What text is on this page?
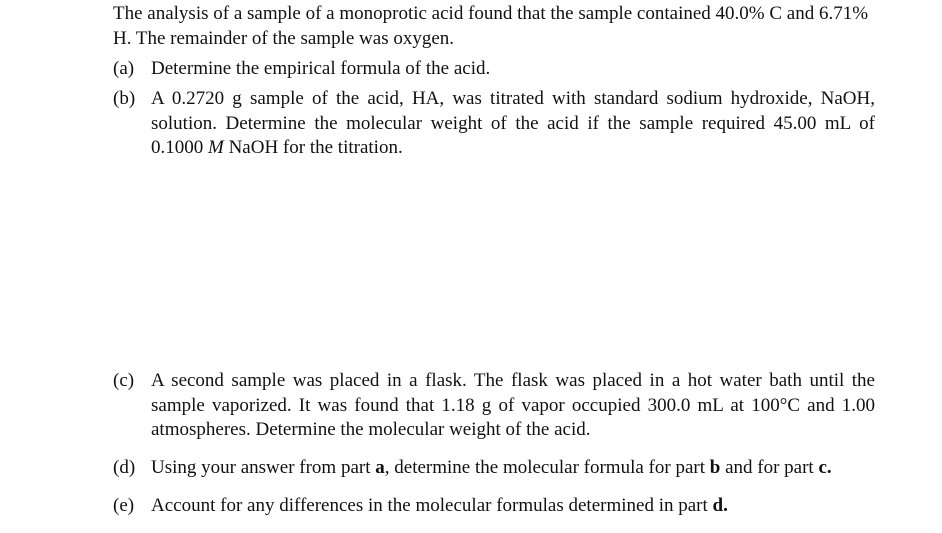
The analysis of a sample of a monoprotic acid found that the sample contained 40.0% C and 6.71% H. The remainder of the sample was oxygen.
(a) Determine the empirical formula of the acid.
(b) A 0.2720 g sample of the acid, HA, was titrated with standard sodium hydroxide, NaOH, solution. Determine the molecular weight of the acid if the sample required 45.00 mL of 0.1000 M NaOH for the titration.
(c) A second sample was placed in a flask. The flask was placed in a hot water bath until the sample vaporized. It was found that 1.18 g of vapor occupied 300.0 mL at 100°C and 1.00 atmospheres. Determine the molecular weight of the acid.
(d) Using your answer from part a, determine the molecular formula for part b and for part c.
(e) Account for any differences in the molecular formulas determined in part d.
